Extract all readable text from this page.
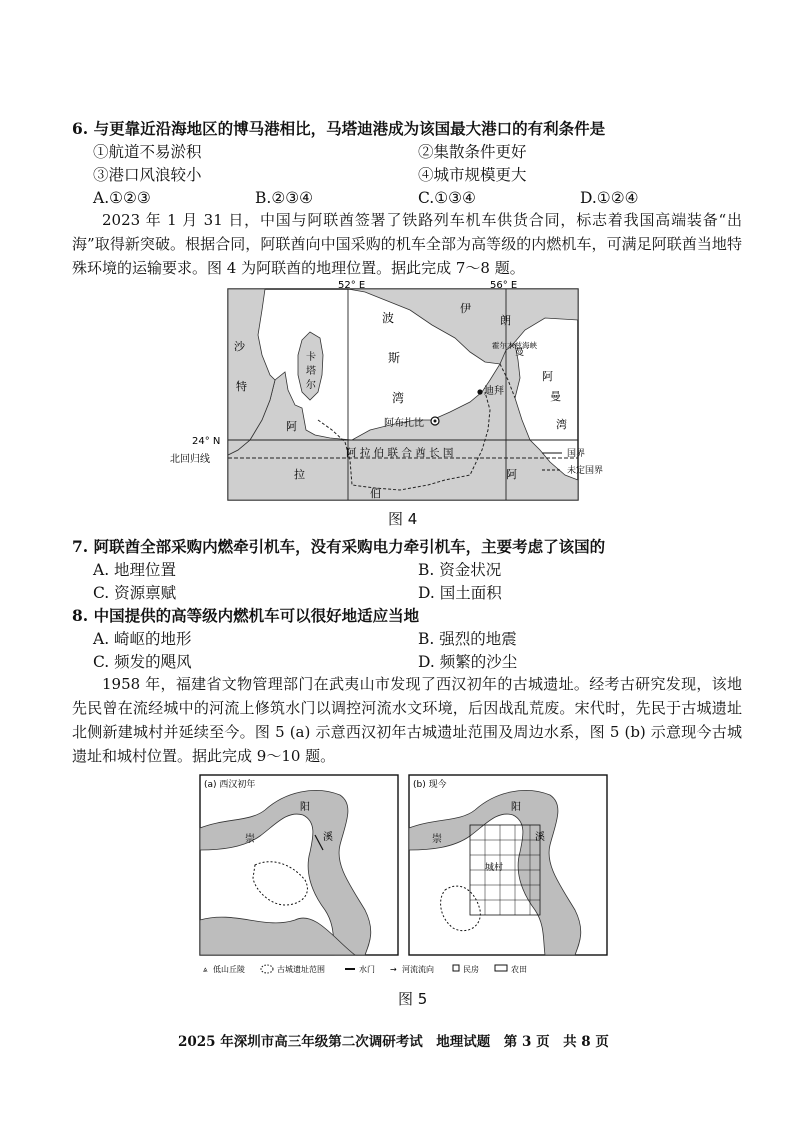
6. 与更靠近沿海地区的博马港相比，马塔迪港成为该国最大港口的有利条件是
①航道不易淤积	②集散条件更好
③港口风浪较小	④城市规模更大
A.①②③	B.②③④	C.①③④	D.①②④
2023 年 1 月 31 日，中国与阿联酋签署了铁路列车机车供货合同，标志着我国高端装备“出海”取得新突破。根据合同，阿联酋向中国采购的机车全部为高等级的内燃机车，可满足阿联酋当地特殊环境的运输要求。图 4 为阿联酋的地理位置。据此完成 7～8 题。
52° E	56° E
24° N
北回归线
波
斯
湾
伊
朗
阿
曼
湾
沙
特
阿
拉
伯
卡
塔
尔
阿
曼
阿布扎比
迪拜
霍尔木兹海峡
阿 拉 伯 联 合 酋 长 国	国界
未定国界
图 4
7. 阿联酋全部采购内燃牵引机车，没有采购电力牵引机车，主要考虑了该国的
A. 地理位置	B. 资金状况
C. 资源禀赋	D. 国土面积
8. 中国提供的高等级内燃机车可以很好地适应当地
A. 崎岖的地形	B. 强烈的地震
C. 频发的飓风	D. 频繁的沙尘
1958 年，福建省文物管理部门在武夷山市发现了西汉初年的古城遗址。经考古研究发现，该地先民曾在流经城中的河流上修筑水门以调控河流水文环境，后因战乱荒废。宋代时，先民于古城遗址北侧新建城村并延续至今。图 5 (a) 示意西汉初年古城遗址范围及周边水系，图 5 (b) 示意现今古城遗址和城村位置。据此完成 9～10 题。
(a) 西汉初年
崇
阳
溪
(b) 现今
崇
阳
溪
城村
⩓ 低山丘陵	古城遗址范围	水门 → 河流流向	民房	农田
图 5
2025 年深圳市高三年级第二次调研考试　地理试题　第 3 页　共 8 页
